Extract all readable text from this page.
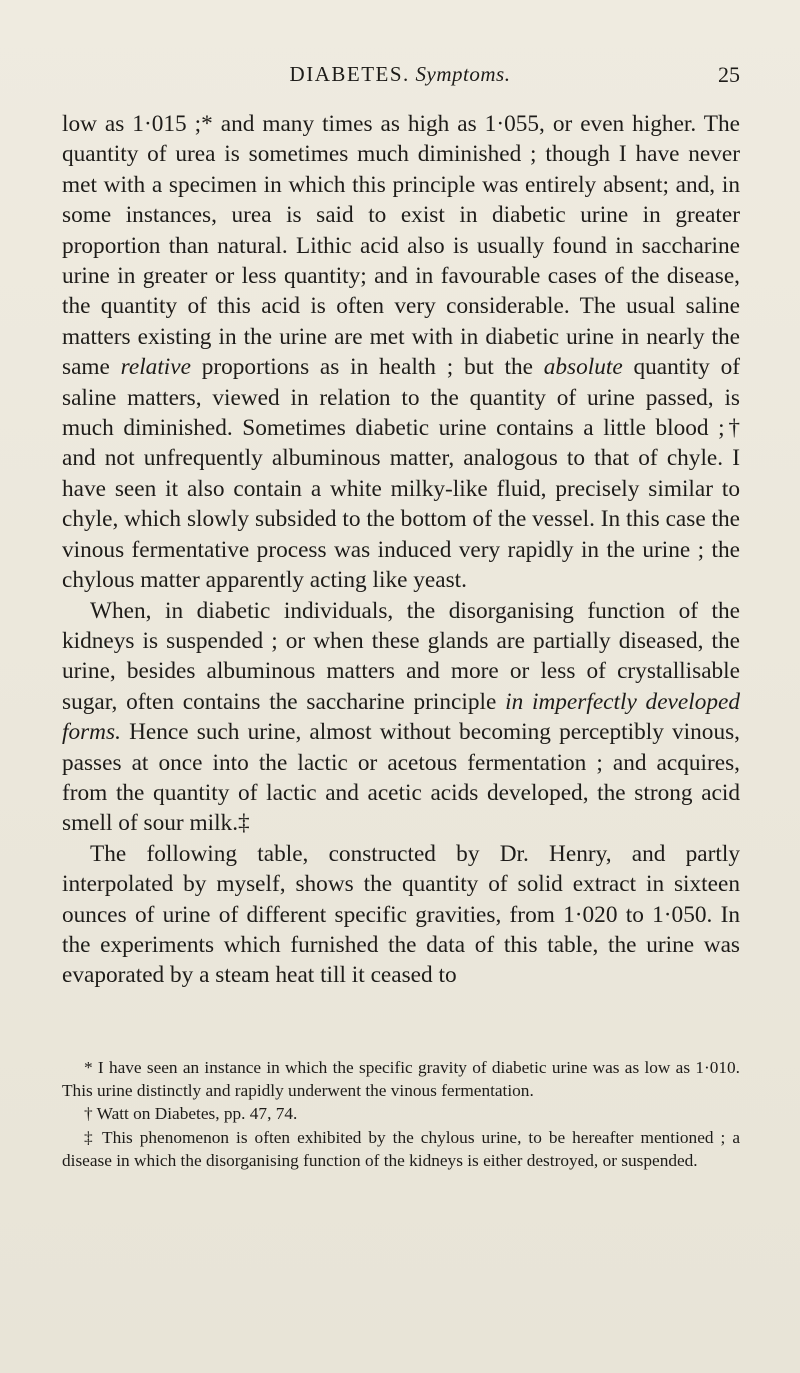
DIABETES. Symptoms.	25

low as 1·015 ;* and many times as high as 1·055, or even higher. The quantity of urea is sometimes much diminished ; though I have never met with a specimen in which this principle was entirely absent; and, in some instances, urea is said to exist in diabetic urine in greater proportion than natural. Lithic acid also is usually found in saccharine urine in greater or less quantity; and in favourable cases of the disease, the quantity of this acid is often very considerable. The usual saline matters existing in the urine are met with in diabetic urine in nearly the same relative proportions as in health ; but the absolute quantity of saline matters, viewed in relation to the quantity of urine passed, is much diminished. Sometimes diabetic urine contains a little blood ;† and not unfrequently albuminous matter, analogous to that of chyle. I have seen it also contain a white milky-like fluid, precisely similar to chyle, which slowly subsided to the bottom of the vessel. In this case the vinous fermentative process was induced very rapidly in the urine ; the chylous matter apparently acting like yeast.

When, in diabetic individuals, the disorganising function of the kidneys is suspended ; or when these glands are partially diseased, the urine, besides albuminous matters and more or less of crystallisable sugar, often contains the saccharine principle in imperfectly developed forms. Hence such urine, almost without becoming perceptibly vinous, passes at once into the lactic or acetous fermentation ; and acquires, from the quantity of lactic and acetic acids developed, the strong acid smell of sour milk.‡

The following table, constructed by Dr. Henry, and partly interpolated by myself, shows the quantity of solid extract in sixteen ounces of urine of different specific gravities, from 1·020 to 1·050. In the experiments which furnished the data of this table, the urine was evaporated by a steam heat till it ceased to

* I have seen an instance in which the specific gravity of diabetic urine was as low as 1·010. This urine distinctly and rapidly underwent the vinous fermentation.

† Watt on Diabetes, pp. 47, 74.

‡ This phenomenon is often exhibited by the chylous urine, to be hereafter mentioned ; a disease in which the disorganising function of the kidneys is either destroyed, or suspended.
